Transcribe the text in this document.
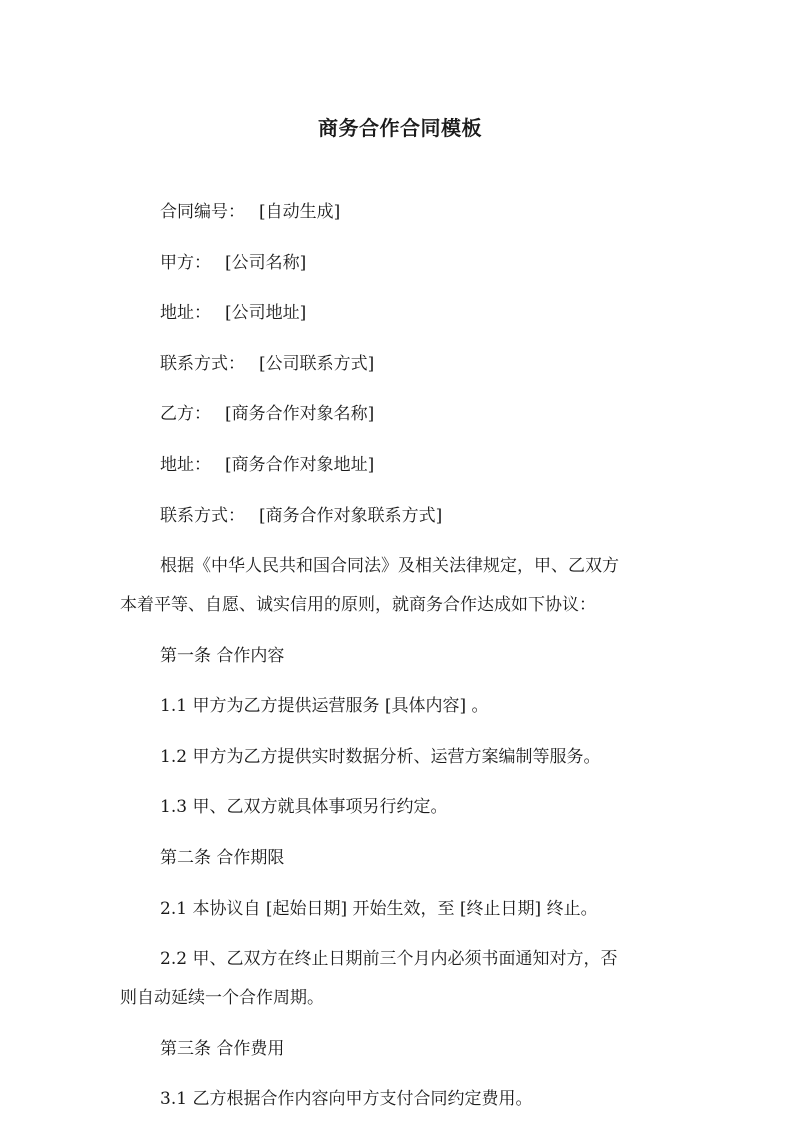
商务合作合同模板
合同编号： [自动生成]
甲方： [公司名称]
地址： [公司地址]
联系方式： [公司联系方式]
乙方： [商务合作对象名称]
地址： [商务合作对象地址]
联系方式： [商务合作对象联系方式]
根据《中华人民共和国合同法》及相关法律规定，甲、乙双方
本着平等、自愿、诚实信用的原则，就商务合作达成如下协议：
第一条 合作内容
1.1 甲方为乙方提供运营服务 [具体内容] 。
1.2 甲方为乙方提供实时数据分析、运营方案编制等服务。
1.3 甲、乙双方就具体事项另行约定。
第二条 合作期限
2.1 本协议自 [起始日期] 开始生效，至 [终止日期] 终止。
2.2 甲、乙双方在终止日期前三个月内必须书面通知对方，否
则自动延续一个合作周期。
第三条 合作费用
3.1 乙方根据合作内容向甲方支付合同约定费用。
